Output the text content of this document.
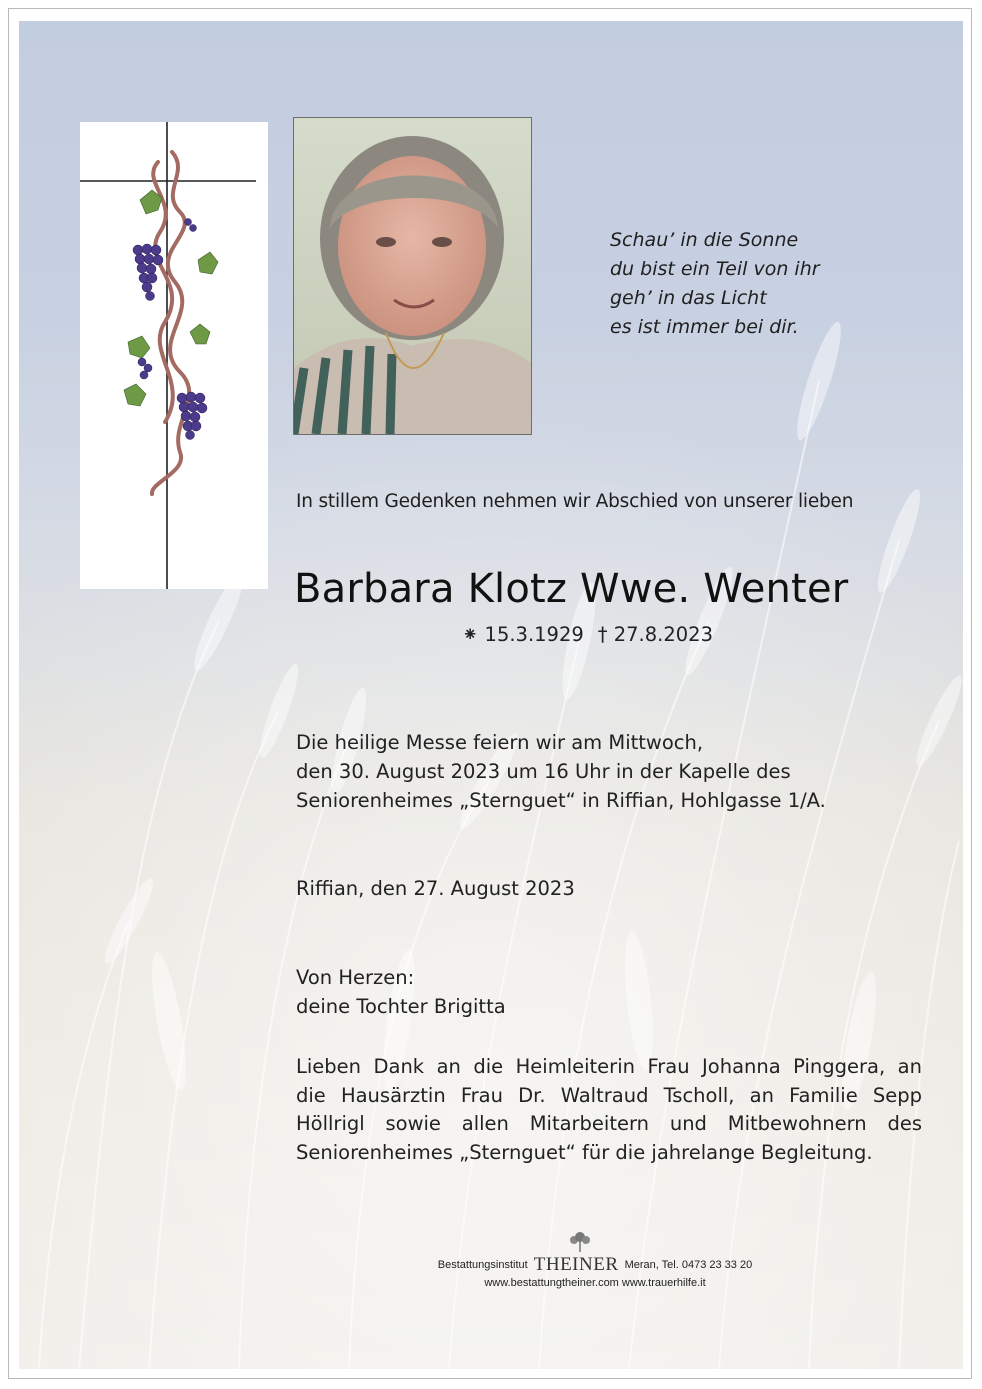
Schau’ in die Sonne
du bist ein Teil von ihr
geh’ in das Licht
es ist immer bei dir.
In stillem Gedenken nehmen wir Abschied von unserer lieben
Barbara Klotz Wwe. Wenter
⁕ 15.3.1929 † 27.8.2023
Die heilige Messe feiern wir am Mittwoch,
den 30. August 2023 um 16 Uhr in der Kapelle des
Seniorenheimes „Sternguet“ in Riffian, Hohlgasse 1/A.
Riffian, den 27. August 2023
Von Herzen:
deine Tochter Brigitta
Lieben Dank an die Heimleiterin Frau Johanna Pinggera, an
die Hausärztin Frau Dr. Waltraud Tscholl, an Familie Sepp
Höllrigl sowie allen Mitarbeitern und Mitbewohnern des
Seniorenheimes „Sternguet“ für die jahrelange Begleitung.
Bestattungsinstitut THEINER Meran, Tel. 0473 23 33 20
www.bestattungtheiner.com www.trauerhilfe.it
